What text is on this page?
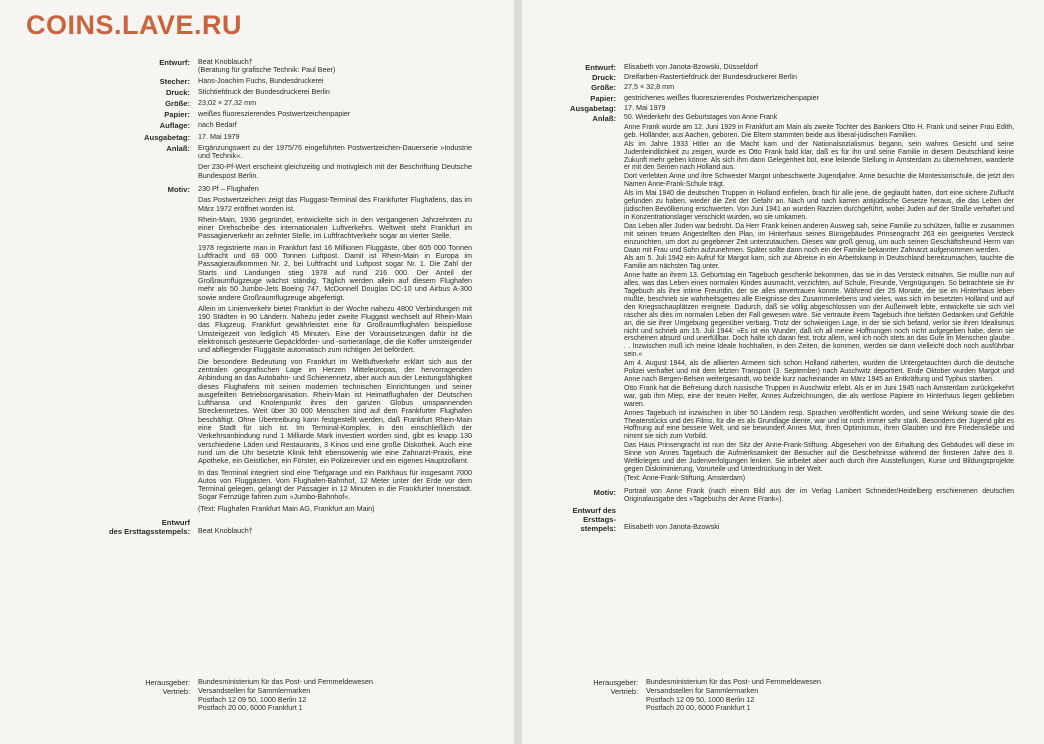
COINS.LAVE.RU
Entwurf:	Beat Knoblauch†
(Beratung für grafische Technik: Paul Beer)
Stecher:	Hans-Joachim Fuchs, Bundesdruckerei
Druck:	Stichtiefdruck der Bundesdruckerei Berlin
Größe:	23,02 × 27,32 mm
Papier:	weißes fluoreszierendes Postwertzeichenpapier
Auflage:	nach Bedarf
Ausgabetag:	17. Mai 1979
Anlaß:	Ergänzungswert zu der 1975/76 eingeführten Postwertzeichen-Dauerserie »Industrie und Technik«.

Der 230-Pf-Wert erscheint gleichzeitig und motivgleich mit der Beschriftung Deutsche Bundespost Berlin.

Motiv:	230 Pf – Flughafen

Das Postwertzeichen zeigt das Fluggast-Terminal des Frankfurter Flughafens, das im März 1972 eröffnet worden ist.

Rhein-Main, 1936 gegründet, entwickelte sich in den vergangenen Jahrzehnten zu einer Drehscheibe des internationalen Luftverkehrs. Weltweit steht Frankfurt im Passagierverkehr an zehnter Stelle, im Luftfrachtverkehr sogar an vierter Stelle.

1978 registrierte man in Frankfurt fast 16 Millionen Fluggäste, über 605 000 Tonnen Luftfracht und 69 000 Tonnen Luftpost. Damit ist Rhein-Main in Europa im Passagieraufkommen Nr. 2, bei Luftfracht und Luftpost sogar Nr. 1. Die Zahl der Starts und Landungen stieg 1978 auf rund 216 000. Der Anteil der Großraumflugzeuge wächst ständig. Täglich werden allein auf diesem Flughafen mehr als 50 Jumbo-Jets Boeing 747, McDonnell Douglas DC-10 und Airbus A-300 sowie andere Großraumflugzeuge abgefertigt.

Allein im Linienverkehr bietet Frankfurt in der Woche nahezu 4800 Verbindungen mit 190 Städten in 90 Ländern. Nahezu jeder zweite Fluggast wechselt auf Rhein-Main das Flugzeug. Frankfurt gewährleistet eine für Großraumflughäfen beispiellose Umsteigezeit von lediglich 45 Minuten. Eine der Voraussetzungen dafür ist die elektronisch gesteuerte Gepäckförder- und -sortieranlage, die die Koffer umsteigender und abfliegender Fluggäste automatisch zum richtigen Jet befördert.

Die besondere Bedeutung von Frankfurt im Weltluftverkehr erklärt sich aus der zentralen geografischen Lage im Herzen Mitteleuropas, der hervorragenden Anbindung an das Autobahn- und Schienennetz, aber auch aus der Leistungsfähigkeit dieses Flughafens mit seinen modernen technischen Einrichtungen und seiner ausgefeilten Betriebsorganisation. Rhein-Main ist Heimatflughafen der Deutschen Lufthansa und Knotenpunkt ihres den ganzen Globus umspannenden Streckennetzes. Weit über 30 000 Menschen sind auf dem Frankfurter Flughafen beschäftigt. Ohne Übertreibung kann festgestellt werden, daß Frankfurt Rhein-Main eine Stadt für sich ist. Im Terminal-Komplex, in den einschließlich der Verkehrsanbindung rund 1 Milliarde Mark investiert worden sind, gibt es knapp 130 verschiedene Läden und Restaurants, 3 Kinos und eine große Diskothek. Auch eine rund um die Uhr besetzte Klinik fehlt ebensowenig wie eine Zahnarzt-Praxis, eine Apotheke, ein Geistlicher, ein Förster, ein Polizeirevier und ein eigenes Hauptzollamt.

In das Terminal integriert sind eine Tiefgarage und ein Parkhaus für insgesamt 7000 Autos von Fluggästen. Vom Flughafen-Bahnhof, 12 Meter unter der Erde vor dem Terminal gelegen, gelangt der Passagier in 12 Minuten in die Frankfurter Innenstadt. Sogar Fernzüge fahren zum »Jumbo-Bahnhof«.

(Text: Flughafen Frankfurt Main AG, Frankfurt am Main)

Entwurf
des Ersttagsstempels: Beat Knoblauch†
Herausgeber:	Bundesministerium für das Post- und Fernmeldewesen
Vertrieb:	Versandstellen für Sammlermarken
Postfach 12 09 50, 1000 Berlin 12
Postfach 20 00, 6000 Frankfurt 1
Entwurf:	Elisabeth von Janota-Bzowski, Düsseldorf
Druck:	Dreifarben-Rastertiefdruck der Bundesdruckerei Berlin
Größe:	27,5 × 32,8 mm
Papier:	gestrichenes weißes fluoreszierendes Postwertzeichenpapier
Ausgabetag:	17. Mai 1979
Anlaß:	50. Wiederkehr des Geburtstages von Anne Frank

Anne Frank wurde am 12. Juni 1929 in Frankfurt am Main als zweite Tochter des Bankiers Otto H. Frank und seiner Frau Edith, geb. Holländer, aus Aachen, geboren. Die Eltern stammten beide aus liberal-jüdischen Familien.

Als im Jahre 1933 Hitler an die Macht kam und der Nationalsozialismus begann, sein wahres Gesicht und seine Judenfeindlichkeit zu zeigen, wurde es Otto Frank bald klar, daß es für ihn und seine Familie in diesem Deutschland keine Zukunft mehr geben könne. Als sich ihm dann Gelegenheit bot, eine leitende Stellung in Amsterdam zu übernehmen, wanderte er mit den Seinen nach Holland aus.

Dort verlebten Anne und ihre Schwester Margot unbeschwerte Jugendjahre. Anne besuchte die Montessorischule, die jetzt den Namen Anne-Frank-Schule trägt.

Als im Mai 1940 die deutschen Truppen in Holland einfielen, brach für alle jene, die geglaubt hatten, dort eine sichere Zuflucht gefunden zu haben, wieder die Zeit der Gefahr an. Nach und nach kamen antijüdische Gesetze heraus, die das Leben der jüdischen Bevölkerung erschwerten. Von Juni 1941 an wurden Razzien durchgeführt, wobei Juden auf der Straße verhaftet und in Konzentrationslager verschickt wurden, wo sie umkamen.

Das Leben aller Juden war bedroht. Da Herr Frank keinen anderen Ausweg sah, seine Familie zu schützen, faßte er zusammen mit seinen treuen Angestellten den Plan, im Hinterhaus seines Bürogebäudes Prinsengracht 263 ein geeignetes Versteck einzurichten, um dort zu gegebener Zeit unterzutauchen. Dieses war groß genug, um auch seinen Geschäftsfreund Herrn van Daan mit Frau und Sohn aufzunehmen. Später sollte dann noch ein der Familie bekannter Zahnarzt aufgenommen werden.

Als am 5. Juli 1942 ein Aufruf für Margot kam, sich zur Abreise in ein Arbeitskamp in Deutschland bereitzumachen, tauchte die Familie am nächsten Tag unter.

Anne hatte an ihrem 13. Geburtstag ein Tagebuch geschenkt bekommen, das sie in das Versteck mitnahm. Sie mußte nun auf alles, was das Leben eines normalen Kindes ausmacht, verzichten, auf Schule, Freunde, Vergnügungen. So betrachtete sie ihr Tagebuch als ihre intime Freundin, der sie alles anvertrauen konnte. Während der 25 Monate, die sie im Hinterhaus leben mußte, beschrieb sie wahrheitsgetreu alle Ereignisse des Zusammenlebens und vieles, was sich im besetzten Holland und auf den Kriegsschauplätzen ereignete. Dadurch, daß sie völlig abgeschlossen von der Außenwelt lebte, entwickelte sie sich viel rascher als dies im normalen Leben der Fall gewesen wäre. Sie vertraute ihrem Tagebuch ihre tiefsten Gedanken und Gefühle an, die sie ihrer Umgebung gegenüber verbarg. Trotz der schwierigen Lage, in der sie sich befand, verlor sie ihren Idealismus nicht und schrieb am 15. Juli 1944: »Es ist ein Wunder, daß ich all meine Hoffnungen noch nicht aufgegeben habe, denn sie erscheinen absurd und unerfüllbar. Doch halte ich daran fest, trotz allem, weil ich noch stets an das Gute im Menschen glaube . . . Inzwischen muß ich meine Ideale hochhalten, in den Zeiten, die kommen, werden sie dann vielleicht doch noch ausführbar sein.«

Am 4. August 1944, als die alliierten Armeen sich schon Holland näherten, wurden die Untergetauchten durch die deutsche Polizei verhaftet und mit dem letzten Transport (3. September) nach Auschwitz deportiert. Ende Oktober wurden Margot und Anne nach Bergen-Belsen weitergesandt, wo beide kurz nacheinander im März 1945 an Entkräftung und Typhus starben.

Otto Frank hat die Befreiung durch russische Truppen in Auschwitz erlebt. Als er im Juni 1945 nach Amsterdam zurückgekehrt war, gab ihm Miep, eine der treuen Helfer, Annes Aufzeichnungen, die als wertlose Papiere im Hinterhaus liegen geblieben waren.

Annes Tagebuch ist inzwischen in über 50 Ländern resp. Sprachen veröffentlicht worden, und seine Wirkung sowie die des Theaterstücks und des Films, für die es als Grundlage diente, war und ist noch immer sehr stark. Besonders der Jugend gibt es Hoffnung auf eine bessere Welt, und sie bewundert Annes Mut, ihren Optimismus, ihren Glauben und ihre Friedensliebe und nimmt sie sich zum Vorbild.

Das Haus Prinsengracht ist nun der Sitz der Anne-Frank-Stiftung. Abgesehen von der Erhaltung des Gebäudes will diese im Sinne von Annes Tagebuch die Aufmerksamkeit der Besucher auf die Geschehnisse während der finsteren Jahre des II. Weltkrieges und der Judenverfolgungen lenken. Sie arbeitet aber auch durch ihre Ausstellungen, Kurse und Bildungsprojekte gegen Diskriminierung, Vorurteile und Unterdrückung in der Welt.

(Text: Anne-Frank-Stiftung, Amsterdam)

Motiv:	Portrait von Anne Frank (nach einem Bild aus der im Verlag Lambert Schneider/Heidelberg erschienenen deutschen Originalausgabe des »Tagebuchs der Anne Frank«).
Entwurf des
Ersttags-
stempels: Elisabeth von Janota-Bzowski
Herausgeber:	Bundesministerium für das Post- und Fernmeldewesen
Vertrieb:	Versandstellen für Sammlermarken
Postfach 12 09 50, 1000 Berlin 12
Postfach 20 00, 6000 Frankfurt 1
